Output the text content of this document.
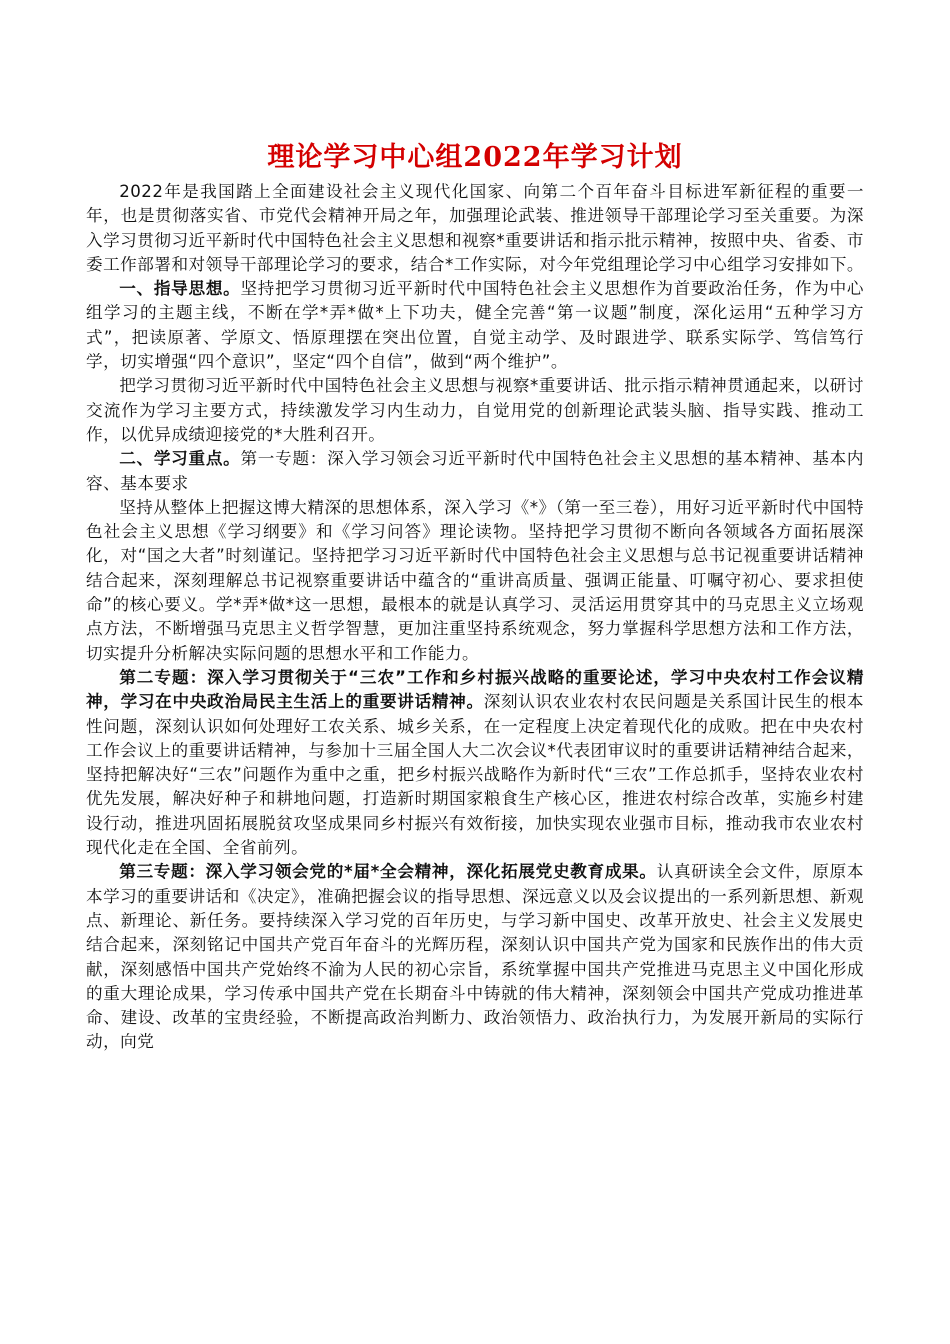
理论学习中心组2022年学习计划

2022年是我国踏上全面建设社会主义现代化国家、向第二个百年奋斗目标进军新征程的重要一年，也是贯彻落实省、市党代会精神开局之年，加强理论武装、推进领导干部理论学习至关重要。为深入学习贯彻习近平新时代中国特色社会主义思想和视察*重要讲话和指示批示精神，按照中央、省委、市委工作部署和对领导干部理论学习的要求，结合*工作实际，对今年党组理论学习中心组学习安排如下。

一、指导思想。坚持把学习贯彻习近平新时代中国特色社会主义思想作为首要政治任务，作为中心组学习的主题主线，不断在学*弄*做*上下功夫，健全完善“第一议题”制度，深化运用“五种学习方式”，把读原著、学原文、悟原理摆在突出位置，自觉主动学、及时跟进学、联系实际学、笃信笃行学，切实增强“四个意识”，坚定“四个自信”，做到“两个维护”。

把学习贯彻习近平新时代中国特色社会主义思想与视察*重要讲话、批示指示精神贯通起来，以研讨交流作为学习主要方式，持续激发学习内生动力，自觉用党的创新理论武装头脑、指导实践、推动工作，以优异成绩迎接党的*大胜利召开。

二、学习重点。第一专题：深入学习领会习近平新时代中国特色社会主义思想的基本精神、基本内容、基本要求

坚持从整体上把握这博大精深的思想体系，深入学习《*》（第一至三卷），用好习近平新时代中国特色社会主义思想《学习纲要》和《学习问答》理论读物。坚持把学习贯彻不断向各领域各方面拓展深化，对“国之大者”时刻谨记。坚持把学习习近平新时代中国特色社会主义思想与总书记视重要讲话精神结合起来，深刻理解总书记视察重要讲话中蕴含的“重讲高质量、强调正能量、叮嘱守初心、要求担使命”的核心要义。学*弄*做*这一思想，最根本的就是认真学习、灵活运用贯穿其中的马克思主义立场观点方法，不断增强马克思主义哲学智慧，更加注重坚持系统观念，努力掌握科学思想方法和工作方法，切实提升分析解决实际问题的思想水平和工作能力。

第二专题：深入学习贯彻关于“三农”工作和乡村振兴战略的重要论述，学习中央农村工作会议精神，学习在中央政治局民主生活上的重要讲话精神。深刻认识农业农村农民问题是关系国计民生的根本性问题，深刻认识如何处理好工农关系、城乡关系，在一定程度上决定着现代化的成败。把在中央农村工作会议上的重要讲话精神，与参加十三届全国人大二次会议*代表团审议时的重要讲话精神结合起来，坚持把解决好“三农”问题作为重中之重，把乡村振兴战略作为新时代“三农”工作总抓手，坚持农业农村优先发展，解决好种子和耕地问题，打造新时期国家粮食生产核心区，推进农村综合改革，实施乡村建设行动，推进巩固拓展脱贫攻坚成果同乡村振兴有效衔接，加快实现农业强市目标，推动我市农业农村现代化走在全国、全省前列。

第三专题：深入学习领会党的*届*全会精神，深化拓展党史教育成果。认真研读全会文件，原原本本学习的重要讲话和《决定》，准确把握会议的指导思想、深远意义以及会议提出的一系列新思想、新观点、新理论、新任务。要持续深入学习党的百年历史，与学习新中国史、改革开放史、社会主义发展史结合起来，深刻铭记中国共产党百年奋斗的光辉历程，深刻认识中国共产党为国家和民族作出的伟大贡献，深刻感悟中国共产党始终不渝为人民的初心宗旨，系统掌握中国共产党推进马克思主义中国化形成的重大理论成果，学习传承中国共产党在长期奋斗中铸就的伟大精神，深刻领会中国共产党成功推进革命、建设、改革的宝贵经验，不断提高政治判断力、政治领悟力、政治执行力，为发展开新局的实际行动，向党
